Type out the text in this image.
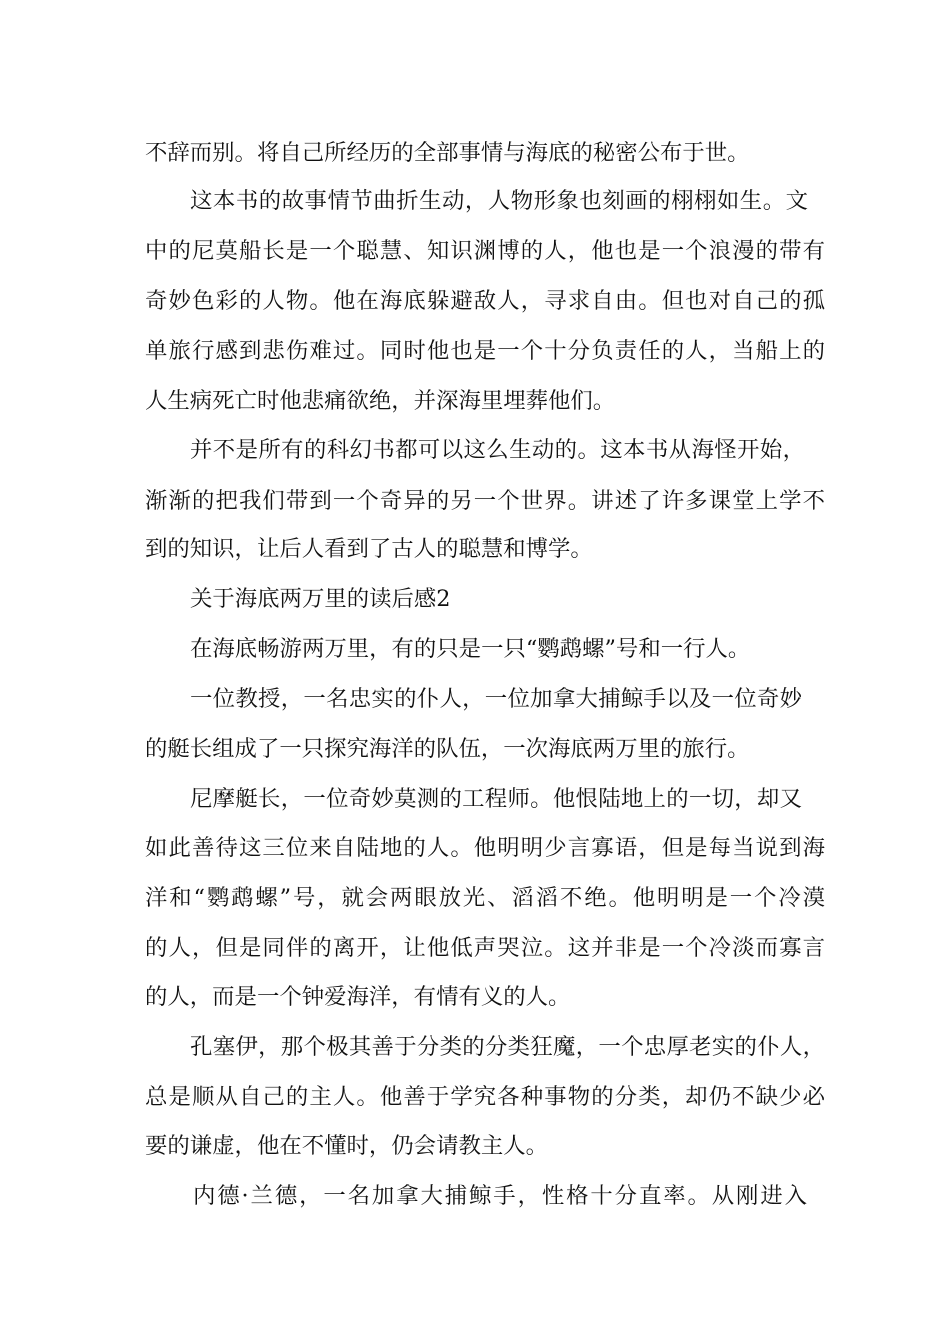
不辞而别。将自己所经历的全部事情与海底的秘密公布于世。
这本书的故事情节曲折生动，人物形象也刻画的栩栩如生。文
中的尼莫船长是一个聪慧、知识渊博的人，他也是一个浪漫的带有
奇妙色彩的人物。他在海底躲避敌人，寻求自由。但也对自己的孤
单旅行感到悲伤难过。同时他也是一个十分负责任的人，当船上的
人生病死亡时他悲痛欲绝，并深海里埋葬他们。
并不是所有的科幻书都可以这么生动的。这本书从海怪开始，
渐渐的把我们带到一个奇异的另一个世界。讲述了许多课堂上学不
到的知识，让后人看到了古人的聪慧和博学。
关于海底两万里的读后感2
在海底畅游两万里，有的只是一只“鹦鹉螺”号和一行人。
一位教授，一名忠实的仆人，一位加拿大捕鲸手以及一位奇妙
的艇长组成了一只探究海洋的队伍，一次海底两万里的旅行。
尼摩艇长，一位奇妙莫测的工程师。他恨陆地上的一切，却又
如此善待这三位来自陆地的人。他明明少言寡语，但是每当说到海
洋和“鹦鹉螺”号，就会两眼放光、滔滔不绝。他明明是一个冷漠
的人，但是同伴的离开，让他低声哭泣。这并非是一个冷淡而寡言
的人，而是一个钟爱海洋，有情有义的人。
孔塞伊，那个极其善于分类的分类狂魔，一个忠厚老实的仆人，
总是顺从自己的主人。他善于学究各种事物的分类，却仍不缺少必
要的谦虚，他在不懂时，仍会请教主人。
内德·兰德，一名加拿大捕鲸手，性格十分直率。从刚进入
